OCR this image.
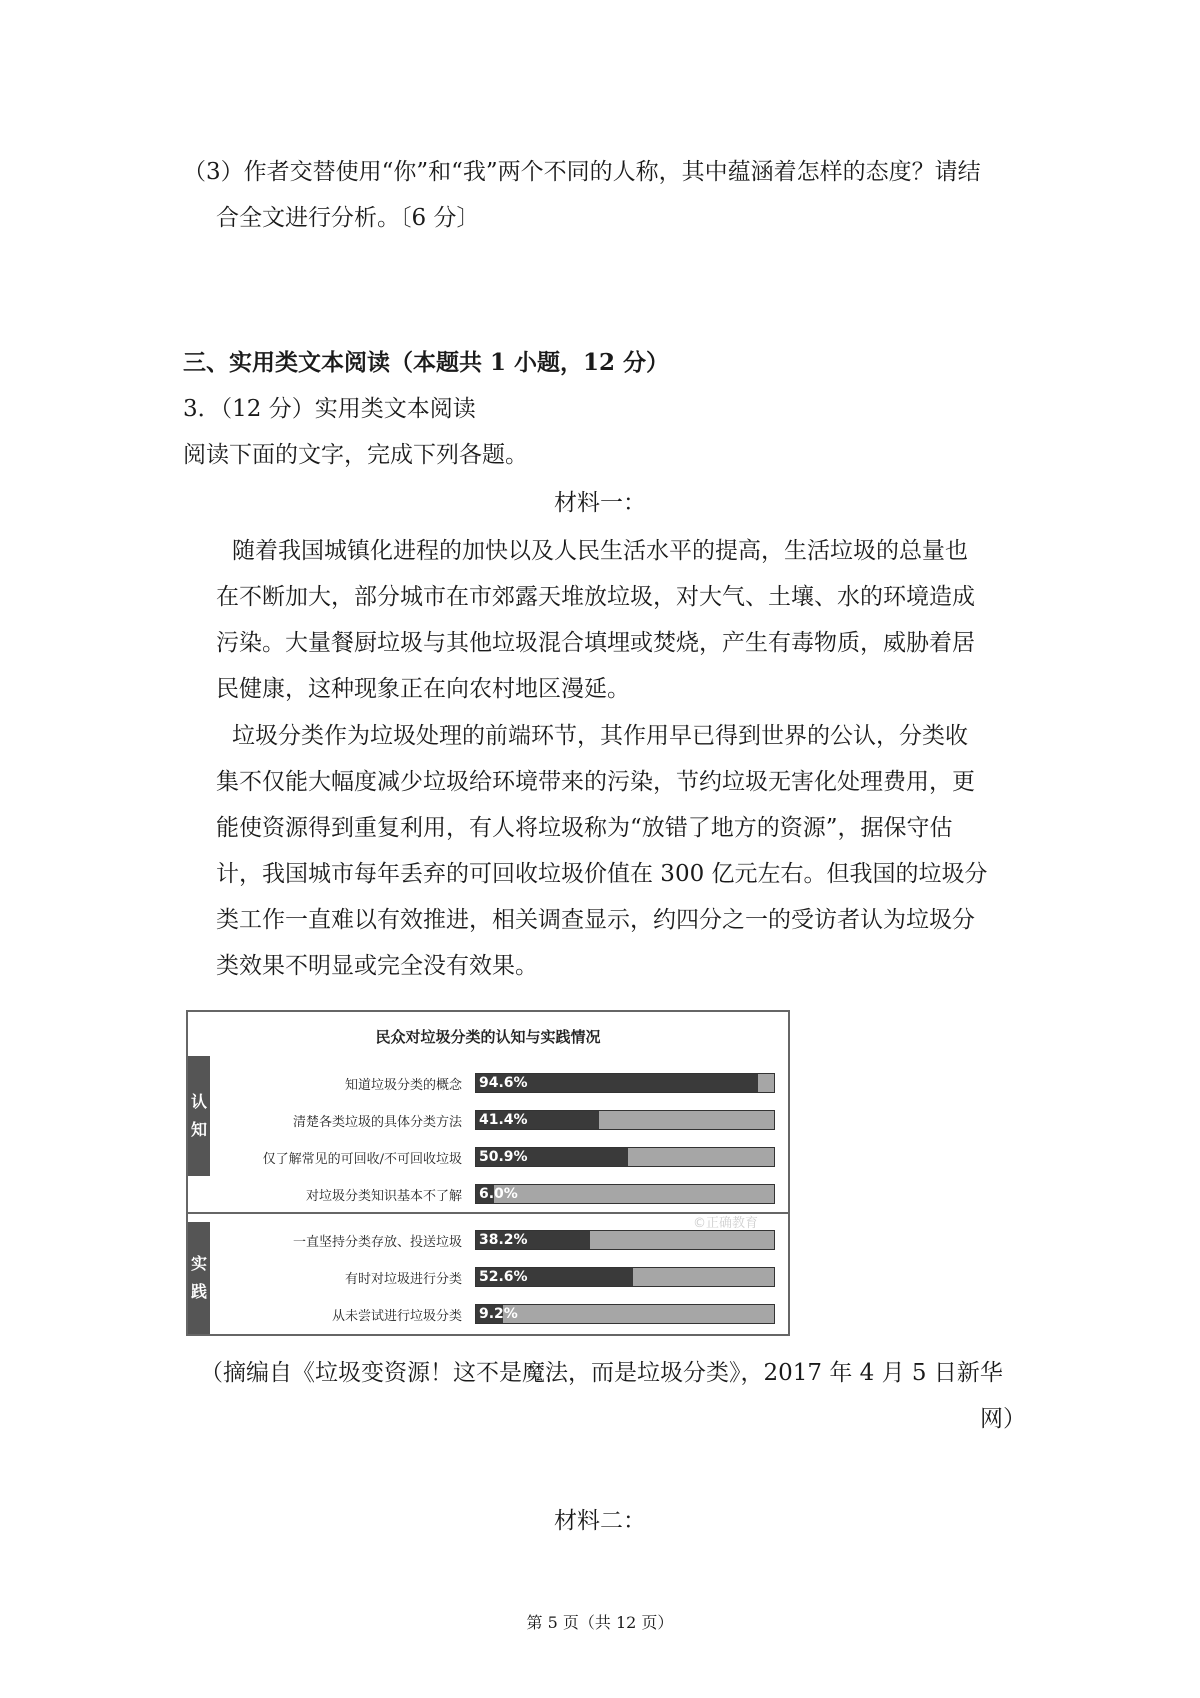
（3）作者交替使用“你”和“我”两个不同的人称，其中蕴涵着怎样的态度？请结
合全文进行分析。〔6 分〕
三、实用类文本阅读（本题共 1 小题，12 分）
3．（12 分）实用类文本阅读
阅读下面的文字，完成下列各题。
材料一：
随着我国城镇化进程的加快以及人民生活水平的提高，生活垃圾的总量也
在不断加大，部分城市在市郊露天堆放垃圾，对大气、土壤、水的环境造成
污染。大量餐厨垃圾与其他垃圾混合填埋或焚烧，产生有毒物质，威胁着居
民健康，这种现象正在向农村地区漫延。
垃圾分类作为垃圾处理的前端环节，其作用早已得到世界的公认，分类收
集不仅能大幅度减少垃圾给环境带来的污染，节约垃圾无害化处理费用，更
能使资源得到重复利用，有人将垃圾称为“放错了地方的资源”，据保守估
计，我国城市每年丢弃的可回收垃圾价值在 300 亿元左右。但我国的垃圾分
类工作一直难以有效推进，相关调查显示，约四分之一的受访者认为垃圾分
类效果不明显或完全没有效果。
民众对垃圾分类的认知与实践情况
认
知
实
践
知道垃圾分类的概念 94.6%
清楚各类垃圾的具体分类方法 41.4%
仅了解常见的可回收/不可回收垃圾 50.9%
对垃圾分类知识基本不了解 6.0%
一直坚持分类存放、投送垃圾 38.2%
有时对垃圾进行分类 52.6%
从未尝试进行垃圾分类 9.2%
©正确教育
（摘编自《垃圾变资源！这不是魔法，而是垃圾分类》，2017 年 4 月 5 日新华
网）
材料二：
第 5 页（共 12 页）
